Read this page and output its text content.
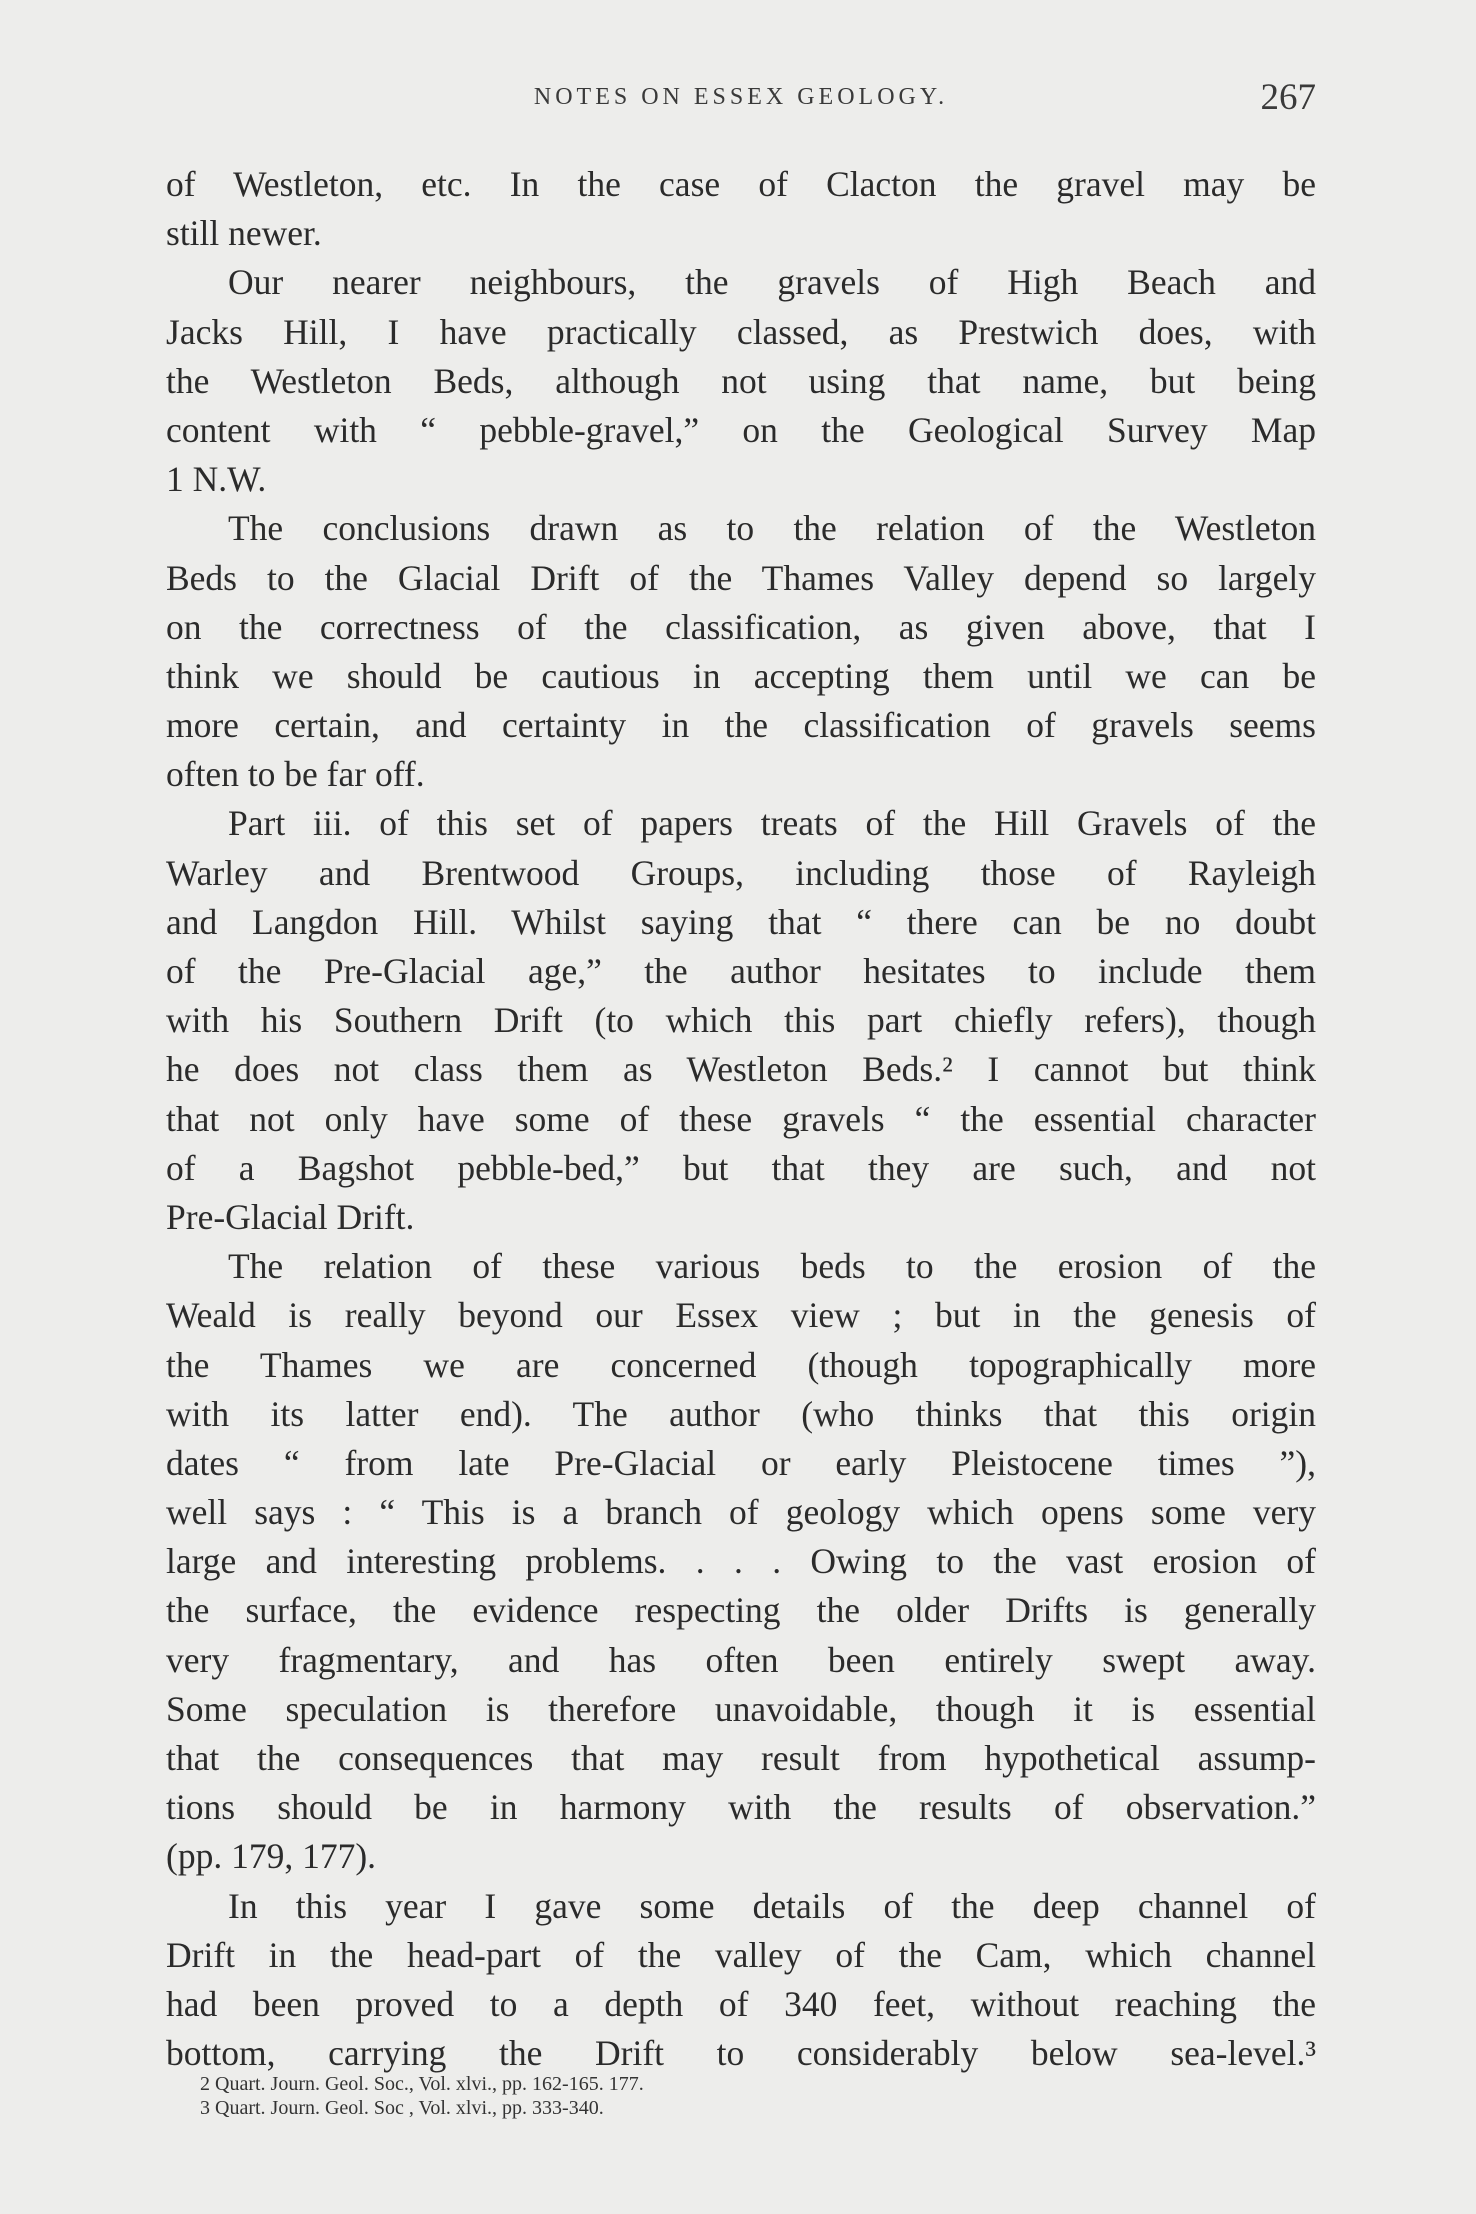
NOTES ON ESSEX GEOLOGY.	267
of Westleton, etc. In the case of Clacton the gravel may be
still newer.
Our nearer neighbours, the gravels of High Beach and
Jacks Hill, I have practically classed, as Prestwich does, with
the Westleton Beds, although not using that name, but being
content with “ pebble-gravel,” on the Geological Survey Map
1 N.W.
The conclusions drawn as to the relation of the Westleton
Beds to the Glacial Drift of the Thames Valley depend so largely
on the correctness of the classification, as given above, that I
think we should be cautious in accepting them until we can be
more certain, and certainty in the classification of gravels seems
often to be far off.
Part iii. of this set of papers treats of the Hill Gravels of the
Warley and Brentwood Groups, including those of Rayleigh
and Langdon Hill. Whilst saying that “ there can be no doubt
of the Pre-Glacial age,” the author hesitates to include them
with his Southern Drift (to which this part chiefly refers), though
he does not class them as Westleton Beds.² I cannot but think
that not only have some of these gravels “ the essential character
of a Bagshot pebble-bed,” but that they are such, and not
Pre-Glacial Drift.
The relation of these various beds to the erosion of the
Weald is really beyond our Essex view ; but in the genesis of
the Thames we are concerned (though topographically more
with its latter end). The author (who thinks that this origin
dates “ from late Pre-Glacial or early Pleistocene times ”),
well says : “ This is a branch of geology which opens some very
large and interesting problems. . . . Owing to the vast erosion of
the surface, the evidence respecting the older Drifts is generally
very fragmentary, and has often been entirely swept away.
Some speculation is therefore unavoidable, though it is essential
that the consequences that may result from hypothetical assump-
tions should be in harmony with the results of observation.”
(pp. 179, 177).
In this year I gave some details of the deep channel of
Drift in the head-part of the valley of the Cam, which channel
had been proved to a depth of 340 feet, without reaching the
bottom, carrying the Drift to considerably below sea-level.³
2 Quart. Journ. Geol. Soc., Vol. xlvi., pp. 162-165. 177.
3 Quart. Journ. Geol. Soc , Vol. xlvi., pp. 333-340.
